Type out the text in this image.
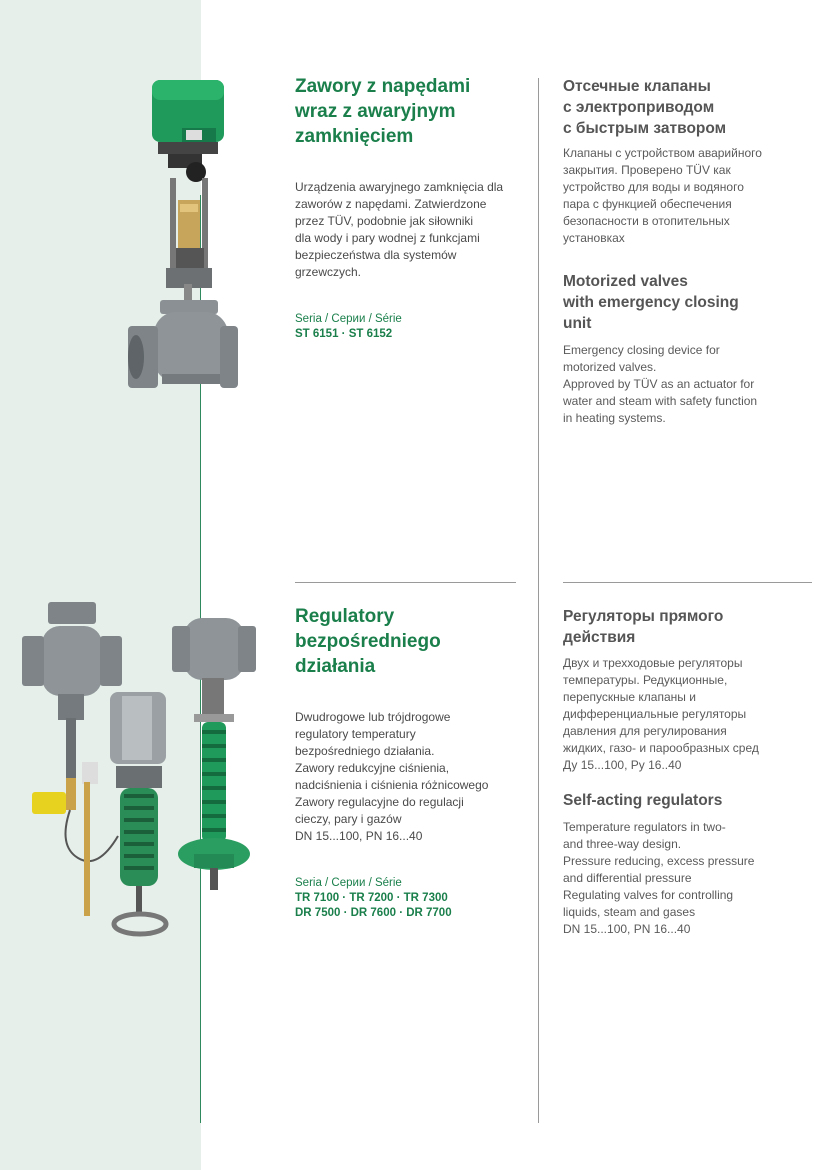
Zawory z napędami
wraz z awaryjnym
zamknięciem

Urządzenia awaryjnego zamknięcia dla
zaworów z napędami. Zatwierdzone
przez TÜV, podobnie jak siłowniki
dla wody i pary wodnej z funkcjami
bezpieczeństwa dla systemów
grzewczych.

Seria / Серии / Série

ST 6151 · ST 6152

Отсечные клапаны
с электроприводом
с быстрым затвором

Клапаны с устройством аварийного
закрытия. Проверено TÜV как
устройство для воды и водяного
пара с функцией обеспечения
безопасности в отопительных
установках

Motorized valves
with emergency closing
unit

Emergency closing device for
motorized valves.
Approved by TÜV as an actuator for
water and steam with safety function
in heating systems.

Regulatory
bezpośredniego
działania

Dwudrogowe lub trójdrogowe
regulatory temperatury
bezpośredniego działania.
Zawory redukcyjne ciśnienia,
nadciśnienia i ciśnienia różnicowego
Zawory regulacyjne do regulacji
cieczy, pary i gazów
DN 15...100, PN 16...40

Seria / Серии / Série

TR 7100 · TR 7200 · TR 7300
DR 7500 · DR 7600 · DR 7700

Регуляторы прямого
действия

Двух и трехходовые регуляторы
температуры. Редукционные,
перепускные клапаны и
дифференциальные регуляторы
давления для регулирования
жидких, газо- и парообразных сред
Ду 15...100, Ру 16..40

Self-acting regulators

Temperature regulators in two-
and three-way design.
Pressure reducing, excess pressure
and differential pressure
Regulating valves for controlling
liquids, steam and gases
DN 15...100, PN 16...40
